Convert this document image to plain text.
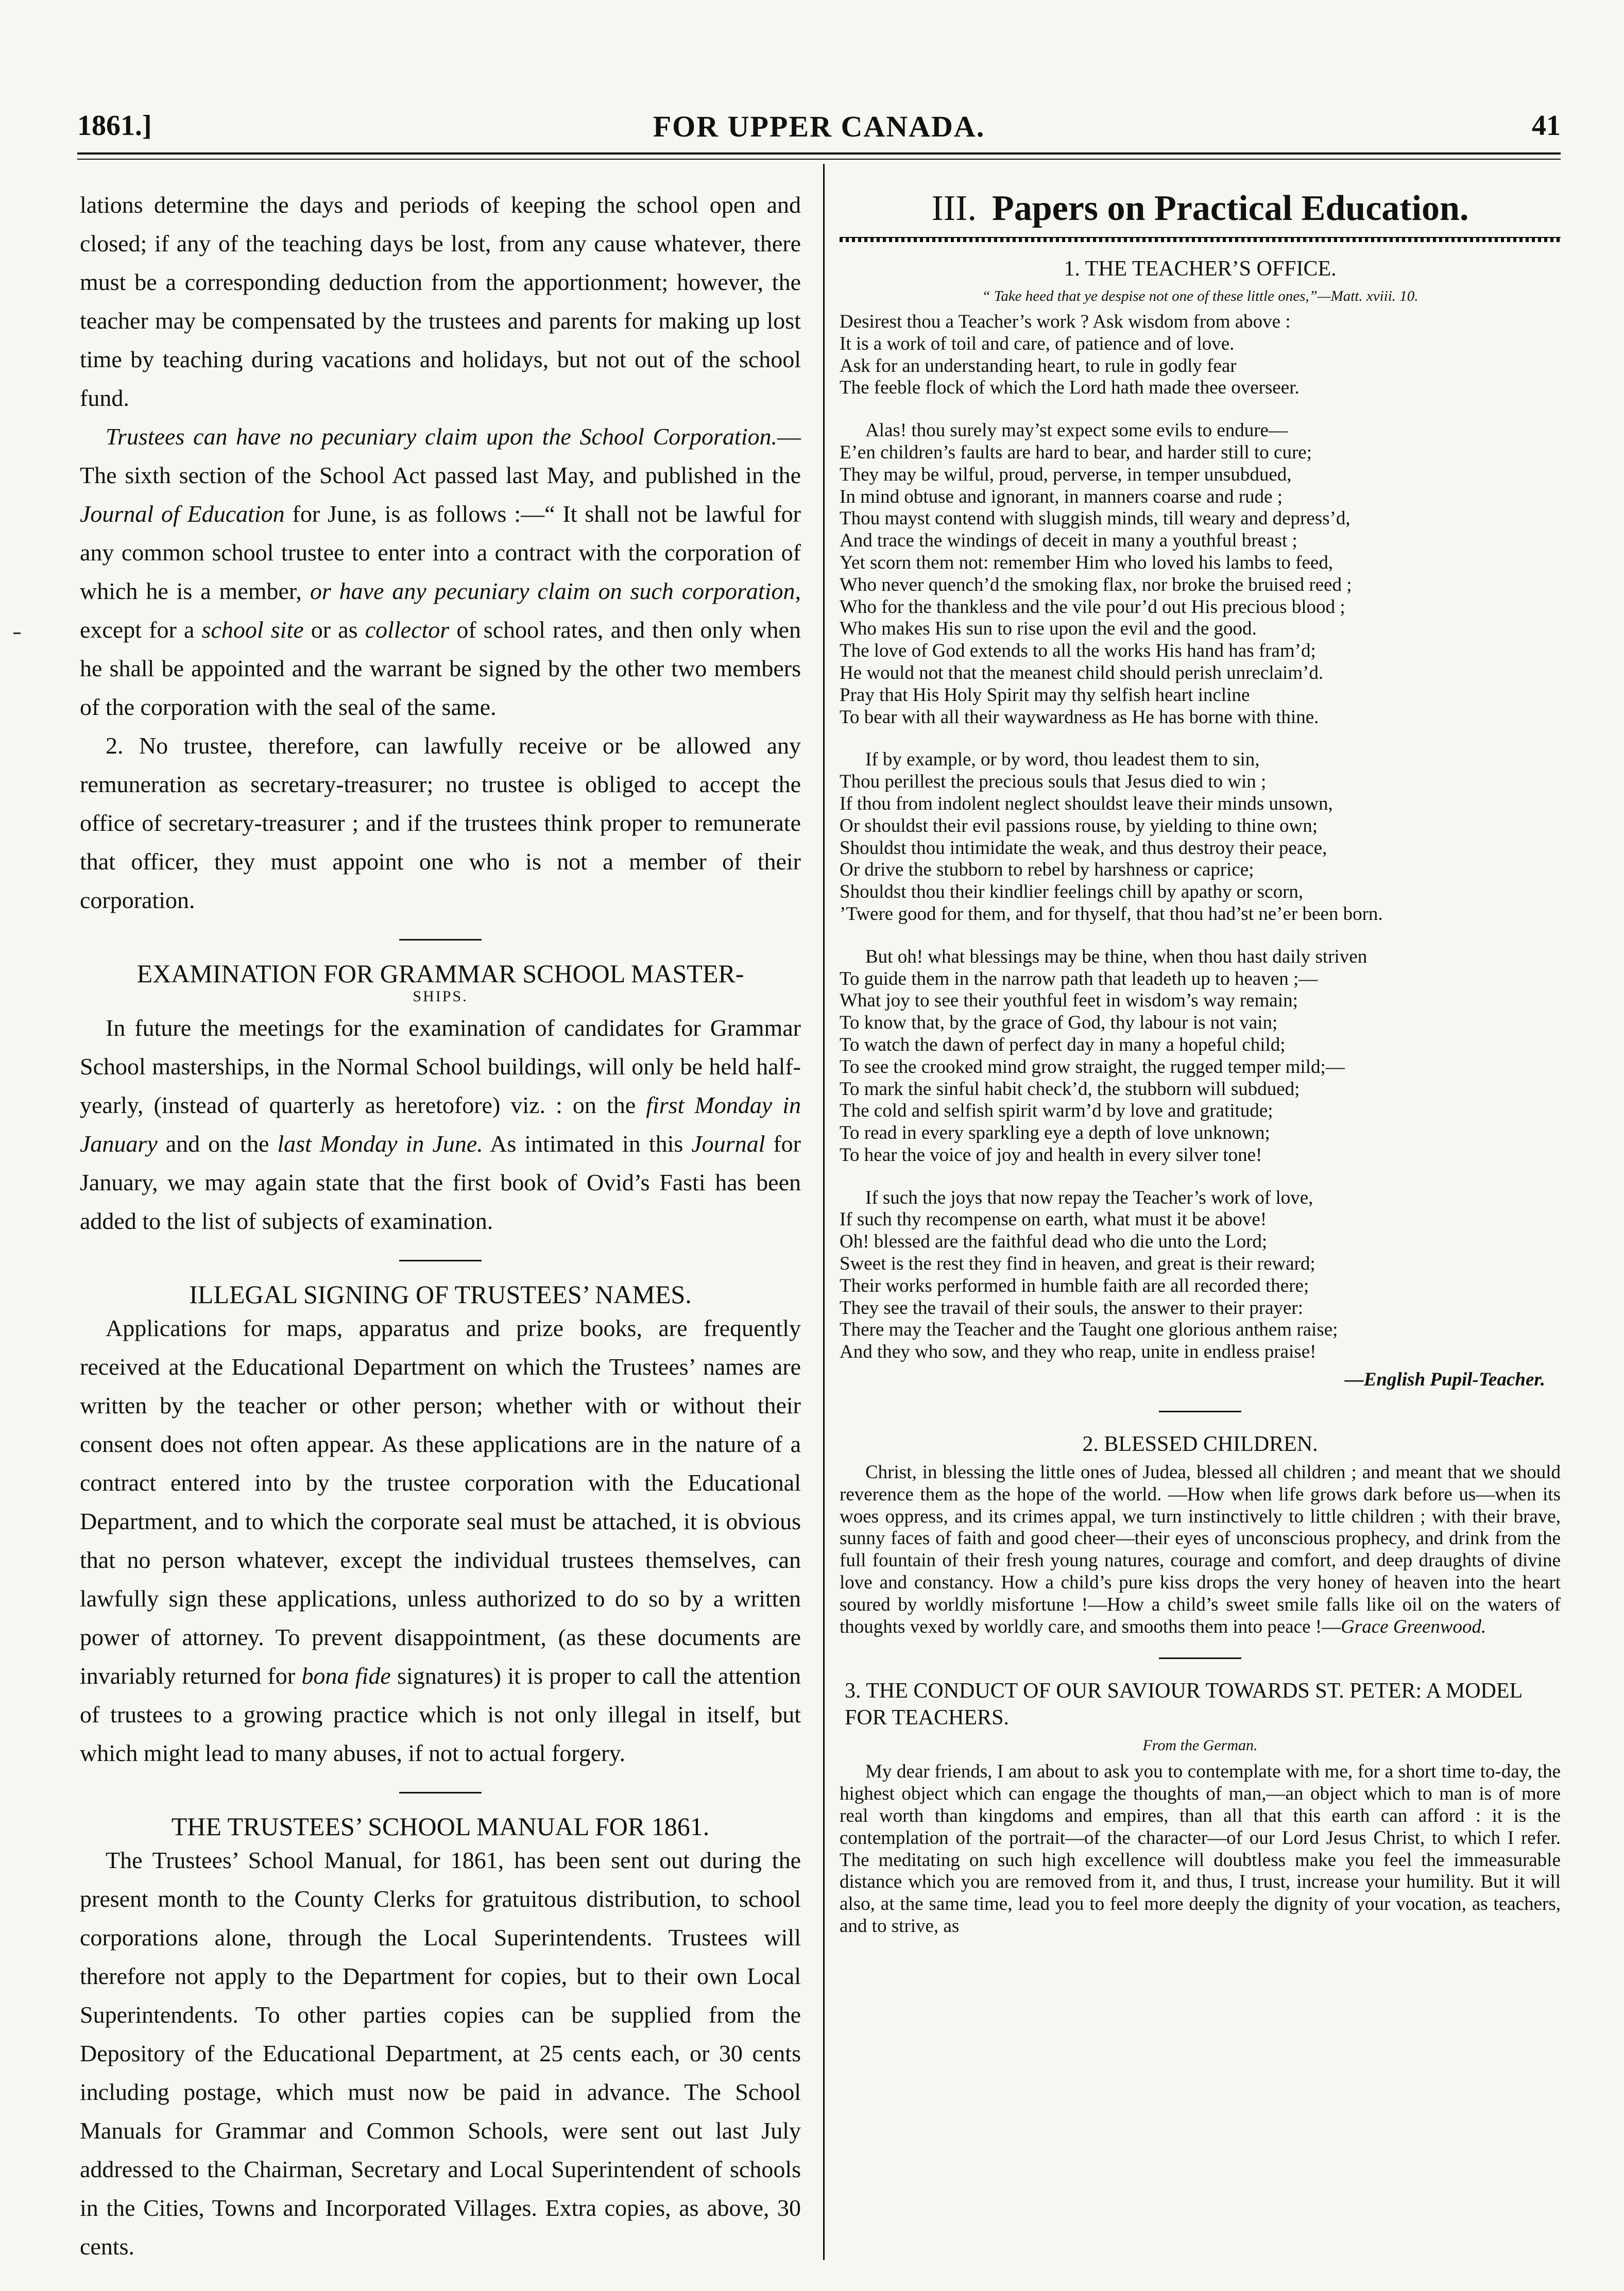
1861.]	FOR UPPER CANADA.	41

lations determine the days and periods of keeping the school open and closed; if any of the teaching days be lost, from any cause whatever, there must be a corresponding deduction from the apportionment; however, the teacher may be compensated by the trustees and parents for making up lost time by teaching during vacations and holidays, but not out of the school fund.

Trustees can have no pecuniary claim upon the School Corporation.—The sixth section of the School Act passed last May, and published in the Journal of Education for June, is as follows :—“ It shall not be lawful for any common school trustee to enter into a contract with the corporation of which he is a member, or have any pecuniary claim on such corporation, except for a school site or as collector of school rates, and then only when he shall be appointed and the warrant be signed by the other two members of the corporation with the seal of the same.

2. No trustee, therefore, can lawfully receive or be allowed any remuneration as secretary-treasurer; no trustee is obliged to accept the office of secretary-treasurer ; and if the trustees think proper to remunerate that officer, they must appoint one who is not a member of their corporation.

EXAMINATION FOR GRAMMAR SCHOOL MASTER-
SHIPS.

In future the meetings for the examination of candidates for Grammar School masterships, in the Normal School buildings, will only be held half-yearly, (instead of quarterly as heretofore) viz. : on the first Monday in January and on the last Monday in June. As intimated in this Journal for January, we may again state that the first book of Ovid’s Fasti has been added to the list of subjects of examination.

ILLEGAL SIGNING OF TRUSTEES’ NAMES.

Applications for maps, apparatus and prize books, are frequently received at the Educational Department on which the Trustees’ names are written by the teacher or other person; whether with or without their consent does not often appear. As these applications are in the nature of a contract entered into by the trustee corporation with the Educational Department, and to which the corporate seal must be attached, it is obvious that no person whatever, except the individual trustees themselves, can lawfully sign these applications, unless authorized to do so by a written power of attorney. To prevent disappointment, (as these documents are invariably returned for bona fide signatures) it is proper to call the attention of trustees to a growing practice which is not only illegal in itself, but which might lead to many abuses, if not to actual forgery.

THE TRUSTEES’ SCHOOL MANUAL FOR 1861.

The Trustees’ School Manual, for 1861, has been sent out during the present month to the County Clerks for gratuitous distribution, to school corporations alone, through the Local Superintendents. Trustees will therefore not apply to the Department for copies, but to their own Local Superintendents. To other parties copies can be supplied from the Depository of the Educational Department, at 25 cents each, or 30 cents including postage, which must now be paid in advance. The School Manuals for Grammar and Common Schools, were sent out last July addressed to the Chairman, Secretary and Local Superintendent of schools in the Cities, Towns and Incorporated Villages. Extra copies, as above, 30 cents.

III. Papers on Practical Education.
1. THE TEACHER’S OFFICE.
“ Take heed that ye despise not one of these little ones,”—Matt. xviii. 10.
Desirest thou a Teacher’s work ? Ask wisdom from above :
It is a work of toil and care, of patience and of love.
Ask for an understanding heart, to rule in godly fear
The feeble flock of which the Lord hath made thee overseer.
Alas! thou surely may’st expect some evils to endure—
E’en children’s faults are hard to bear, and harder still to cure;
They may be wilful, proud, perverse, in temper unsubdued,
In mind obtuse and ignorant, in manners coarse and rude ;
Thou mayst contend with sluggish minds, till weary and depress’d,
And trace the windings of deceit in many a youthful breast ;
Yet scorn them not: remember Him who loved his lambs to feed,
Who never quench’d the smoking flax, nor broke the bruised reed ;
Who for the thankless and the vile pour’d out His precious blood ;
Who makes His sun to rise upon the evil and the good.
The love of God extends to all the works His hand has fram’d;
He would not that the meanest child should perish unreclaim’d.
Pray that His Holy Spirit may thy selfish heart incline
To bear with all their waywardness as He has borne with thine.
If by example, or by word, thou leadest them to sin,
Thou perillest the precious souls that Jesus died to win ;
If thou from indolent neglect shouldst leave their minds unsown,
Or shouldst their evil passions rouse, by yielding to thine own;
Shouldst thou intimidate the weak, and thus destroy their peace,
Or drive the stubborn to rebel by harshness or caprice;
Shouldst thou their kindlier feelings chill by apathy or scorn,
’Twere good for them, and for thyself, that thou had’st ne’er been born.
But oh! what blessings may be thine, when thou hast daily striven
To guide them in the narrow path that leadeth up to heaven ;—
What joy to see their youthful feet in wisdom’s way remain;
To know that, by the grace of God, thy labour is not vain;
To watch the dawn of perfect day in many a hopeful child;
To see the crooked mind grow straight, the rugged temper mild;—
To mark the sinful habit check’d, the stubborn will subdued;
The cold and selfish spirit warm’d by love and gratitude;
To read in every sparkling eye a depth of love unknown;
To hear the voice of joy and health in every silver tone!
If such the joys that now repay the Teacher’s work of love,
If such thy recompense on earth, what must it be above!
Oh! blessed are the faithful dead who die unto the Lord;
Sweet is the rest they find in heaven, and great is their reward;
Their works performed in humble faith are all recorded there;
They see the travail of their souls, the answer to their prayer:
There may the Teacher and the Taught one glorious anthem raise;
And they who sow, and they who reap, unite in endless praise!
—English Pupil-Teacher.
2. BLESSED CHILDREN.

Christ, in blessing the little ones of Judea, blessed all children ; and meant that we should reverence them as the hope of the world. —How when life grows dark before us—when its woes oppress, and its crimes appal, we turn instinctively to little children ; with their brave, sunny faces of faith and good cheer—their eyes of unconscious prophecy, and drink from the full fountain of their fresh young natures, courage and comfort, and deep draughts of divine love and constancy. How a child’s pure kiss drops the very honey of heaven into the heart soured by worldly misfortune !—How a child’s sweet smile falls like oil on the waters of thoughts vexed by worldly care, and smooths them into peace !—Grace Greenwood.

3. THE CONDUCT OF OUR SAVIOUR TOWARDS ST. PETER: A MODEL FOR TEACHERS.
From the German.

My dear friends, I am about to ask you to contemplate with me, for a short time to-day, the highest object which can engage the thoughts of man,—an object which to man is of more real worth than kingdoms and empires, than all that this earth can afford : it is the contemplation of the portrait—of the character—of our Lord Jesus Christ, to which I refer. The meditating on such high excellence will doubtless make you feel the immeasurable distance which you are removed from it, and thus, I trust, increase your humility. But it will also, at the same time, lead you to feel more deeply the dignity of your vocation, as teachers, and to strive, as
